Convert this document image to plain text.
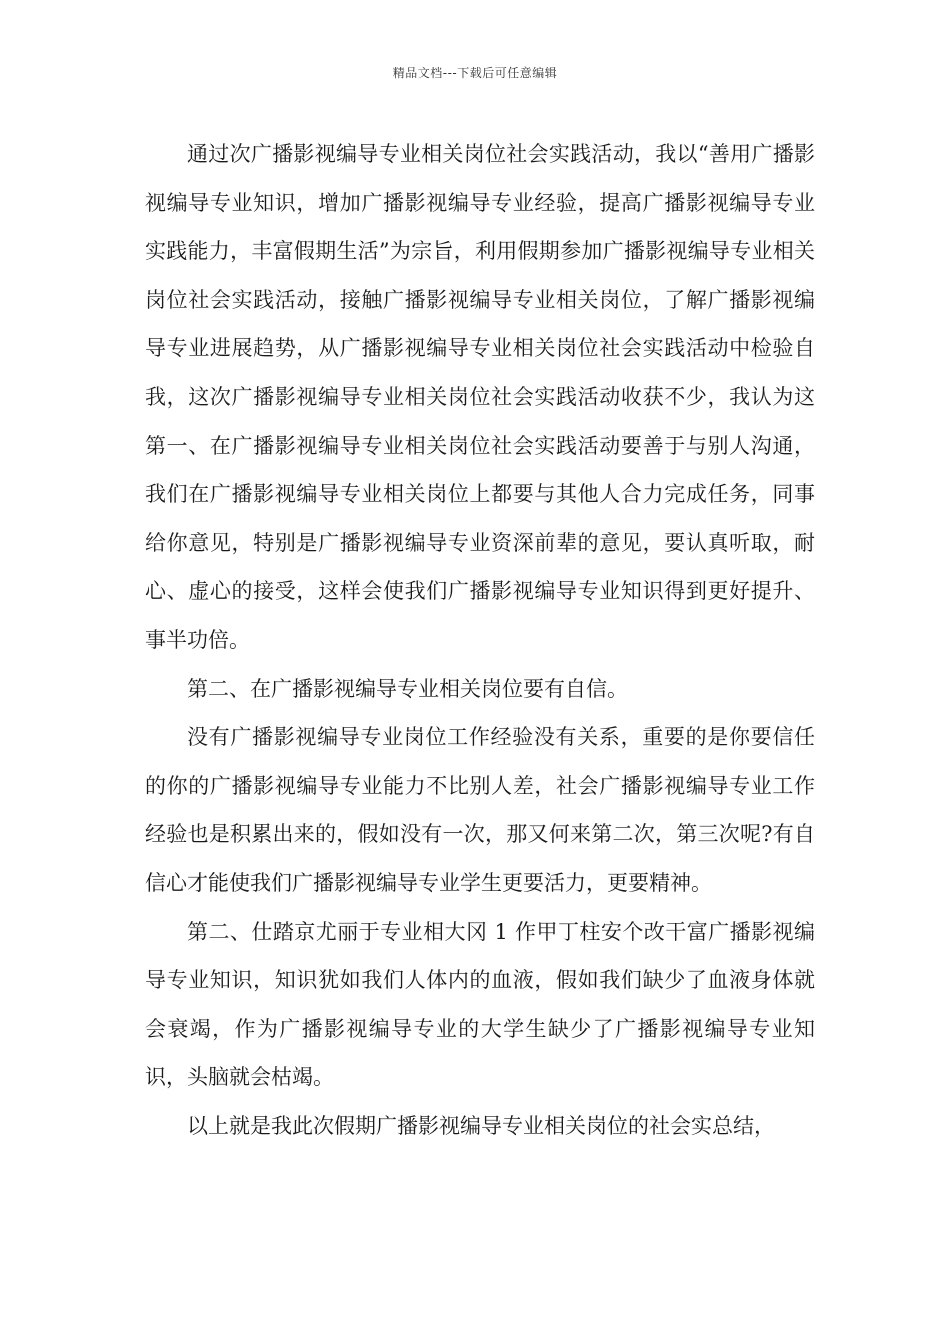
精品文档---下载后可任意编辑

通过次广播影视编导专业相关岗位社会实践活动，我以“善用广播影视编导专业知识，增加广播影视编导专业经验，提高广播影视编导专业实践能力，丰富假期生活”为宗旨，利用假期参加广播影视编导专业相关岗位社会实践活动，接触广播影视编导专业相关岗位，了解广播影视编导专业进展趋势，从广播影视编导专业相关岗位社会实践活动中检验自我，这次广播影视编导专业相关岗位社会实践活动收获不少，我认为这第一、在广播影视编导专业相关岗位社会实践活动要善于与别人沟通，我们在广播影视编导专业相关岗位上都要与其他人合力完成任务，同事给你意见，特别是广播影视编导专业资深前辈的意见，要认真听取，耐心、虚心的接受，这样会使我们广播影视编导专业知识得到更好提升、事半功倍。

第二、在广播影视编导专业相关岗位要有自信。

没有广播影视编导专业岗位工作经验没有关系，重要的是你要信任的你的广播影视编导专业能力不比别人差，社会广播影视编导专业工作经验也是积累出来的，假如没有一次，那又何来第二次，第三次呢?有自信心才能使我们广播影视编导专业学生更要活力，更要精神。

第二、仕踏京尤丽于专业相大冈 1 作甲丁柱安个改干富广播影视编导专业知识，知识犹如我们人体内的血液，假如我们缺少了血液身体就会衰竭，作为广播影视编导专业的大学生缺少了广播影视编导专业知识，头脑就会枯竭。

以上就是我此次假期广播影视编导专业相关岗位的社会实总结，
